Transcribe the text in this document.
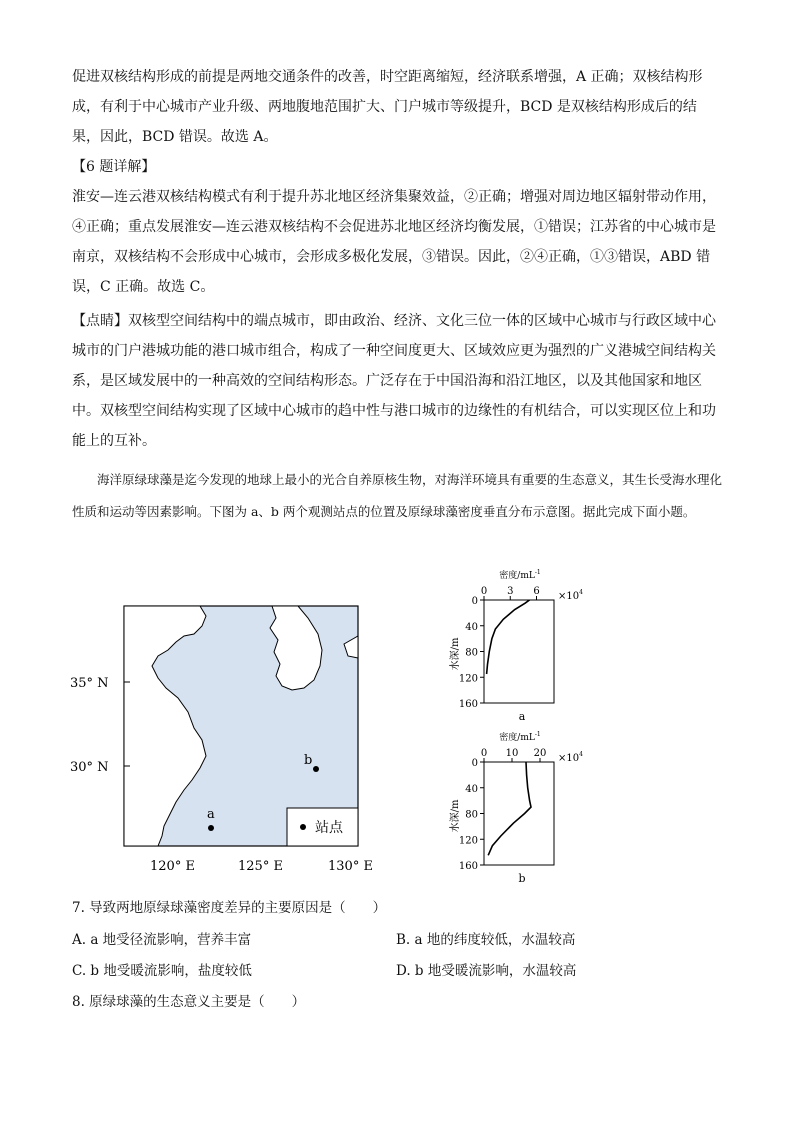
促进双核结构形成的前提是两地交通条件的改善，时空距离缩短，经济联系增强，A 正确；双核结构形成，有利于中心城市产业升级、两地腹地范围扩大、门户城市等级提升，BCD 是双核结构形成后的结果，因此，BCD 错误。故选 A。

【6 题详解】

淮安—连云港双核结构模式有利于提升苏北地区经济集聚效益，②正确；增强对周边地区辐射带动作用，④正确；重点发展淮安—连云港双核结构不会促进苏北地区经济均衡发展，①错误；江苏省的中心城市是南京，双核结构不会形成中心城市，会形成多极化发展，③错误。因此，②④正确，①③错误，ABD 错误，C 正确。故选 C。

【点睛】双核型空间结构中的端点城市，即由政治、经济、文化三位一体的区域中心城市与行政区域中心城市的门户港城功能的港口城市组合，构成了一种空间度更大、区域效应更为强烈的广义港城空间结构关系，是区域发展中的一种高效的空间结构形态。广泛存在于中国沿海和沿江地区，以及其他国家和地区中。双核型空间结构实现了区域中心城市的趋中性与港口城市的边缘性的有机结合，可以实现区位上和功能上的互补。

海洋原绿球藻是迄今发现的地球上最小的光合自养原核生物，对海洋环境具有重要的生态意义，其生长受海水理化性质和运动等因素影响。下图为 a、b 两个观测站点的位置及原绿球藻密度垂直分布示意图。据此完成下面小题。

35° N
30° N
120° E	125° E	130° E
a
b
站点
密度$/mL^{-1}$
$\times 10^4$
水深/m
0 3 6
0
40
80
120
160
a
密度$/mL^{-1}$
$\times 10^4$
水深/m
0 10 20
0
40
80
120
160
b

7. 导致两地原绿球藻密度差异的主要原因是（　　）

A. a 地受径流影响，营养丰富	B. a 地的纬度较低，水温较高

C. b 地受暖流影响，盐度较低	D. b 地受暖流影响，水温较高

8. 原绿球藻的生态意义主要是（　　）
